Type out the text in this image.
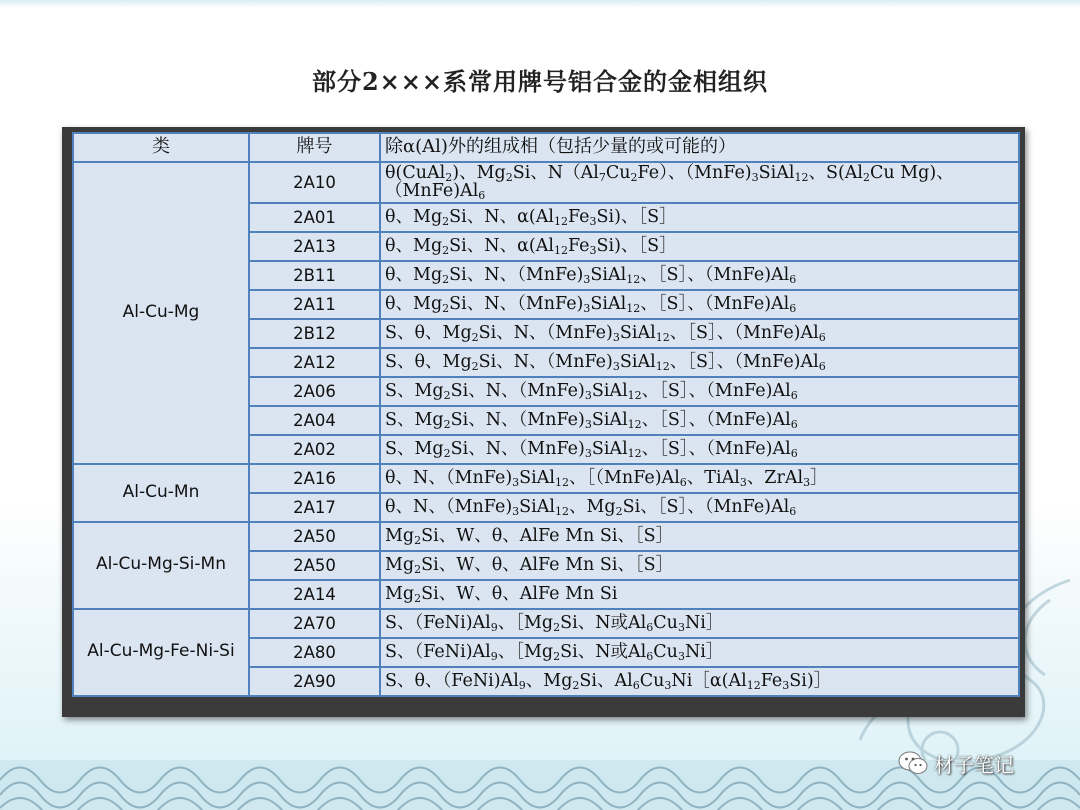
部分2×××系常用牌号铝合金的金相组织
类	牌号	除α(Al)外的组成相（包括少量的或可能的）
Al-Cu-Mg	2A10	θ(CuAl$_2$)、$Mg_2Si$、$N(Al_7Cu_2Fe)$、$(MnFe)_3SiAl_{12}$、$S(Al_2Cu$ Mg)、$(MnFe)Al_6$
	2A01	θ、$Mg_2Si$、N、$\alpha(Al_{12}Fe_3Si)$、［S］
	2A13	θ、$Mg_2Si$、N、$\alpha(Al_{12}Fe_3Si)$、［S］
	2B11	θ、$Mg_2Si$、N、$(MnFe)_3SiAl_{12}$、［S］、$(MnFe)Al_6$
	2A11	θ、$Mg_2Si$、N、$(MnFe)_3SiAl_{12}$、［S］、$(MnFe)Al_6$
	2B12	S、θ、$Mg_2Si$、N、$(MnFe)_3SiAl_{12}$、［S］、$(MnFe)Al_6$
	2A12	S、θ、$Mg_2Si$、N、$(MnFe)_3SiAl_{12}$、［S］、$(MnFe)Al_6$
	2A06	S、$Mg_2Si$、N、$(MnFe)_3SiAl_{12}$、［S］、$(MnFe)Al_6$
	2A04	S、$Mg_2Si$、N、$(MnFe)_3SiAl_{12}$、［S］、$(MnFe)Al_6$
	2A02	S、$Mg_2Si$、N、$(MnFe)_3SiAl_{12}$、［S］、$(MnFe)Al_6$
Al-Cu-Mn	2A16	θ、N、$(MnFe)_3SiAl_{12}$、$[(MnFe)Al_6$、TiAl$_3$、ZrAl$_3$］
	2A17	θ、N、$(MnFe)_3SiAl_{12}$、$Mg_2Si$、［S］、$(MnFe)Al_6$
Al-Cu-Mg-Si-Mn	2A50	$Mg_2Si$、W、θ、AlFe Mn Si、［S］
	2A50	$Mg_2Si$、W、θ、AlFe Mn Si、［S］
	2A14	$Mg_2Si$、W、θ、AlFe Mn Si
Al-Cu-Mg-Fe-Ni-Si	2A70	S、$(FeNi)Al_9$、$[Mg_2Si$、N或$Al_6Cu_3Ni]$
	2A80	S、$(FeNi)Al_9$、$[Mg_2Si$、N或$Al_6Cu_3Ni]$
	2A90	S、θ、$(FeNi)Al_9$、$Mg_2Si$、$Al_6Cu_3Ni[\alpha(Al_{12}Fe_3Si)]$
材子笔记
